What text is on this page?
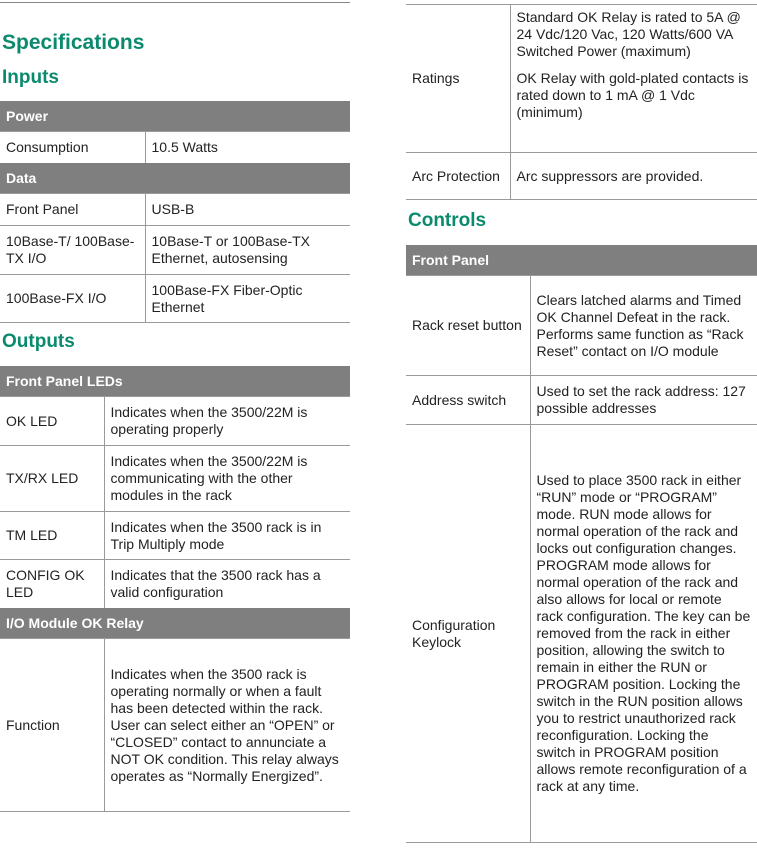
Specifications
Inputs
Power
Consumption	10.5 Watts
Data
Front Panel	USB-B
10Base-T/ 100Base-TX I/O	10Base-T or 100Base-TX Ethernet, autosensing
100Base-FX I/O	100Base-FX Fiber-Optic Ethernet
Outputs
Front Panel LEDs
OK LED	Indicates when the 3500/22M is operating properly
TX/RX LED	Indicates when the 3500/22M is communicating with the other modules in the rack
TM LED	Indicates when the 3500 rack is in Trip Multiply mode
CONFIG OK LED	Indicates that the 3500 rack has a valid configuration
I/O Module OK Relay
Function	Indicates when the 3500 rack is operating normally or when a fault has been detected within the rack. User can select either an “OPEN” or “CLOSED” contact to annunciate a NOT OK condition. This relay always operates as “Normally Energized”.
Ratings	Standard OK Relay is rated to 5A @ 24 Vdc/120 Vac, 120 Watts/600 VA Switched Power (maximum)

OK Relay with gold-plated contacts is rated down to 1 mA @ 1 Vdc (minimum)

Arc Protection	Arc suppressors are provided.
Controls
Front Panel
Rack reset button	Clears latched alarms and Timed OK Channel Defeat in the rack. Performs same function as “Rack Reset” contact on I/O module
Address switch	Used to set the rack address: 127 possible addresses
Configuration Keylock	Used to place 3500 rack in either “RUN” mode or “PROGRAM” mode. RUN mode allows for normal operation of the rack and locks out configuration changes. PROGRAM mode allows for normal operation of the rack and also allows for local or remote rack configuration. The key can be removed from the rack in either position, allowing the switch to remain in either the RUN or PROGRAM position. Locking the switch in the RUN position allows you to restrict unauthorized rack reconfiguration. Locking the switch in PROGRAM position allows remote reconfiguration of a rack at any time.
